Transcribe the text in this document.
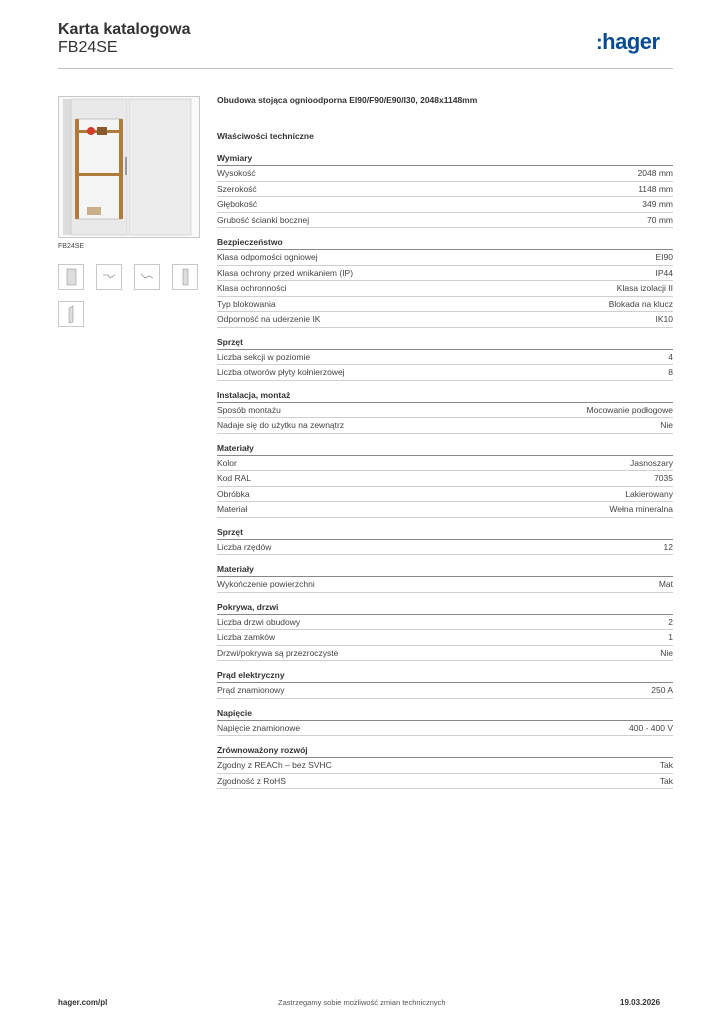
Karta katalogowa
FB24SE	:hager
FB24SE
Obudowa stojąca ognioodporna EI90/F90/E90/I30, 2048x1148mm
Właściwości techniczne
Wymiary
Wysokość	2048 mm
Szerokość	1148 mm
Głębokość	349 mm
Grubość ścianki bocznej	70 mm
Bezpieczeństwo
Klasa odpomości ogniowej	EI90
Klasa ochrony przed wnikaniem (IP)	IP44
Klasa ochronności	Klasa izolacji II
Typ blokowania	Blokada na klucz
Odporność na uderzenie IK	IK10
Sprzęt
Liczba sekcji w poziomie	4
Liczba otworów płyty kołnierzowej	8
Instalacja, montaż
Sposób montażu	Mocowanie podłogowe
Nadaje się do użytku na zewnątrz	Nie
Materiały
Kolor	Jasnoszary
Kod RAL	7035
Obróbka	Lakierowany
Materiał	Wełna mineralna
Sprzęt
Liczba rzędów	12
Materiały
Wykończenie powierzchni	Mat
Pokrywa, drzwi
Liczba drzwi obudowy	2
Liczba zamków	1
Drzwi/pokrywa są przezroczyste	Nie
Prąd elektryczny
Prąd znamionowy	250 A
Napięcie
Napięcie znamionowe	400 - 400 V
Zrównoważony rozwój
Zgodny z REACh – bez SVHC	Tak
Zgodność z RoHS	Tak
hager.com/pl	Zastrzegamy sobie możliwość zmian technicznych	19.03.2026
